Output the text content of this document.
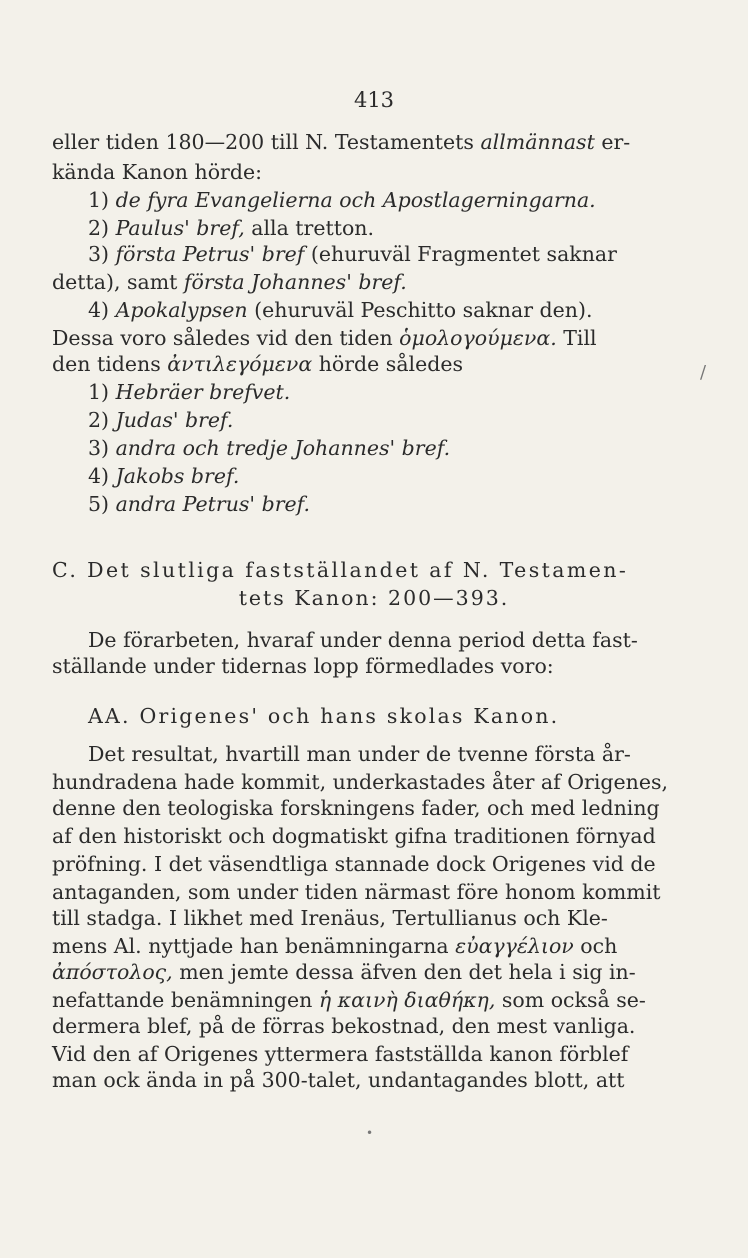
413
eller tiden 180—200 till N. Testamentets allmännast er-
kända Kanon hörde:
1) de fyra Evangelierna och Apostlagerningarna.
2) Paulus' bref, alla tretton.
3) första Petrus' bref (ehuruväl Fragmentet saknar
detta), samt första Johannes' bref.
4) Apokalypsen (ehuruväl Peschitto saknar den).
Dessa voro således vid den tiden ὁμολογούμενα. Till
den tidens ἀντιλεγόμενα hörde således
1) Hebräer brefvet.
2) Judas' bref.
3) andra och tredje Johannes' bref.
4) Jakobs bref.
5) andra Petrus' bref.
C. Det slutliga fastställandet af N. Testamen-
tets Kanon: 200—393.
De förarbeten, hvaraf under denna period detta fast-
ställande under tidernas lopp förmedlades voro:
AA. Origenes' och hans skolas Kanon.
Det resultat, hvartill man under de tvenne första år-
hundradena hade kommit, underkastades åter af Origenes,
denne den teologiska forskningens fader, och med ledning
af den historiskt och dogmatiskt gifna traditionen förnyad
pröfning. I det väsendtliga stannade dock Origenes vid de
antaganden, som under tiden närmast före honom kommit
till stadga. I likhet med Irenäus, Tertullianus och Kle-
mens Al. nyttjade han benämningarna εὐαγγέλιον och
ἀπόστολος, men jemte dessa äfven den det hela i sig in-
nefattande benämningen ἡ καινὴ διαθήκη, som också se-
dermera blef, på de förras bekostnad, den mest vanliga.
Vid den af Origenes yttermera fastställda kanon förblef
man ock ända in på 300-talet, undantagandes blott, att
/
•
